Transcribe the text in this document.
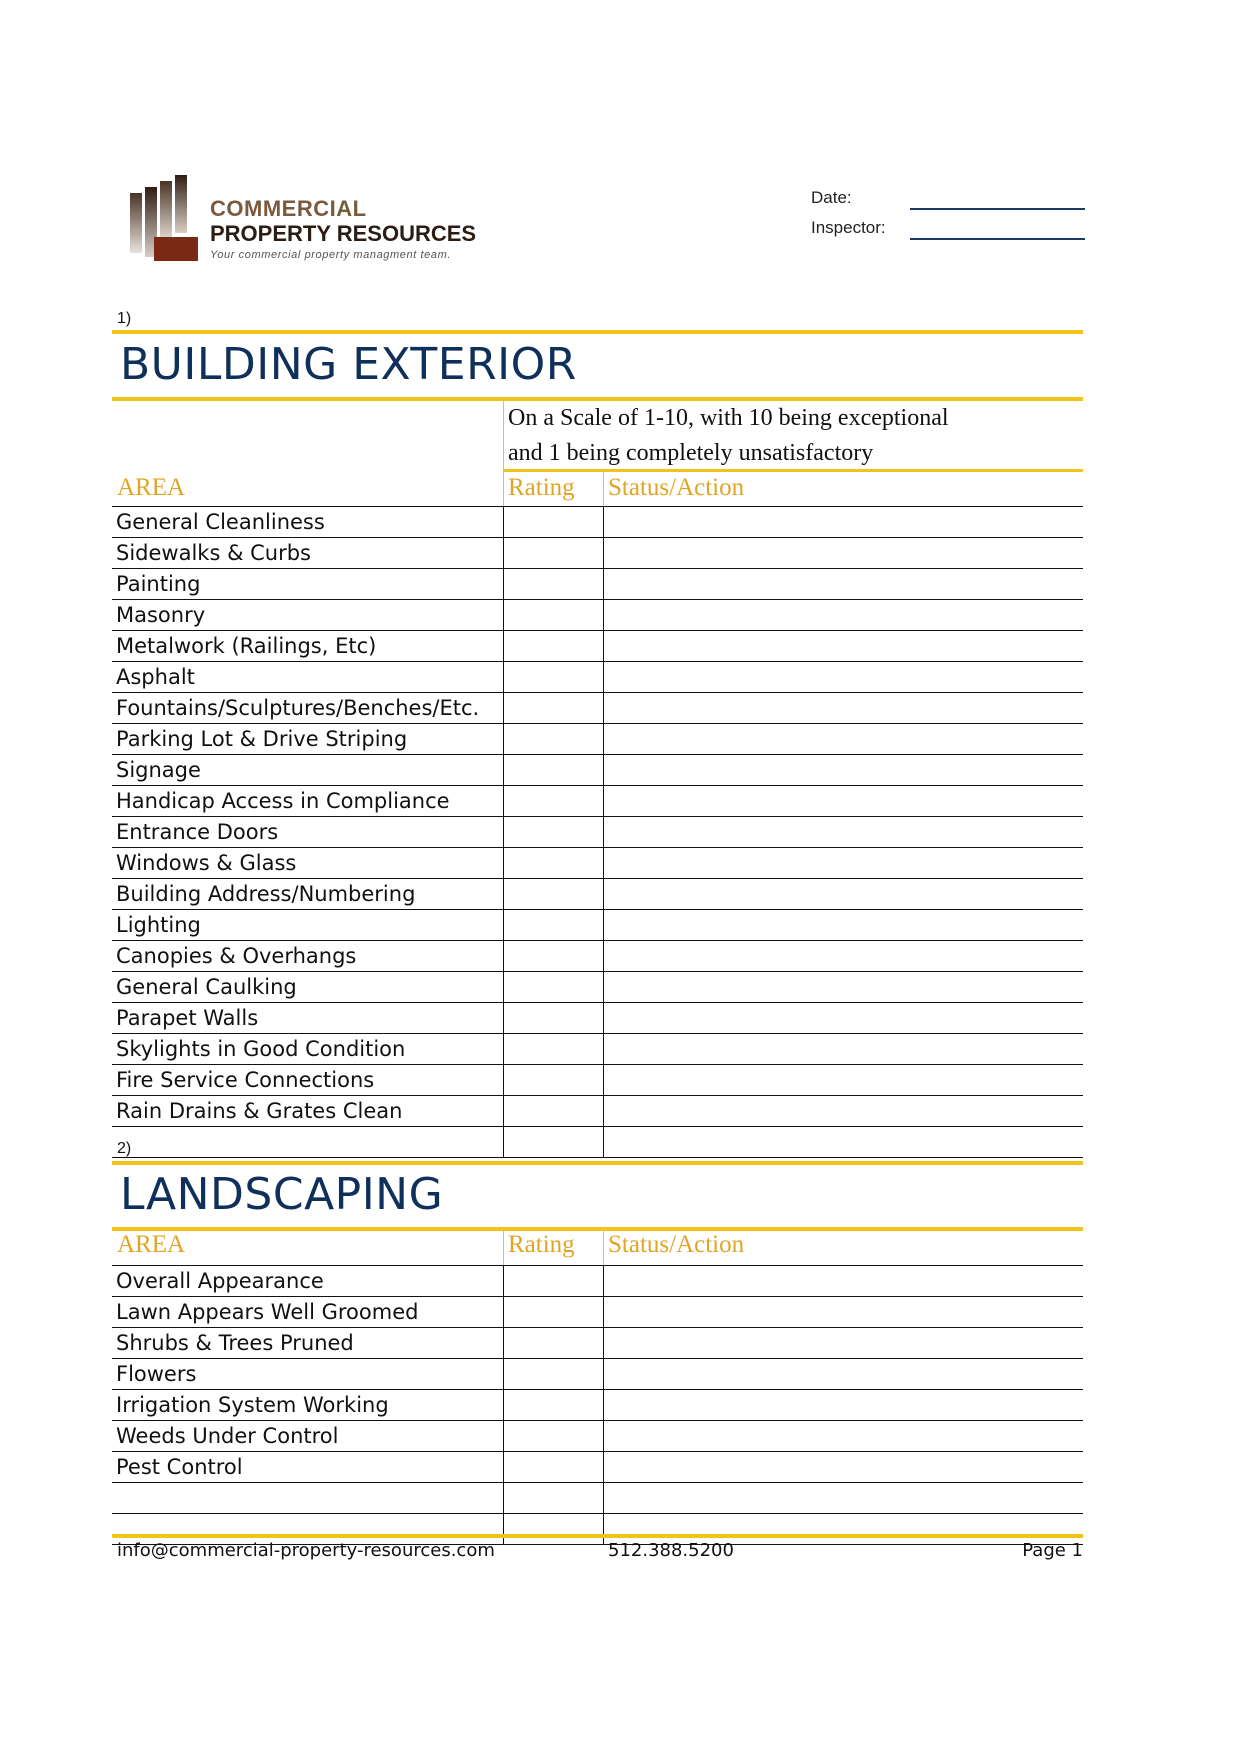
COMMERCIAL
PROPERTY RESOURCES
Your commercial property managment team.
Date:
Inspector:
1)
BUILDING EXTERIOR
On a Scale of 1-10, with 10 being exceptional
and 1 being completely unsatisfactory
AREA	Rating Status/Action
General Cleanliness
Sidewalks & Curbs
Painting
Masonry
Metalwork (Railings, Etc)
Asphalt
Fountains/Sculptures/Benches/Etc.
Parking Lot & Drive Striping
Signage
Handicap Access in Compliance
Entrance Doors
Windows & Glass
Building Address/Numbering
Lighting
Canopies & Overhangs
General Caulking
Parapet Walls
Skylights in Good Condition
Fire Service Connections
Rain Drains & Grates Clean
2)
LANDSCAPING
AREA	Rating Status/Action
Overall Appearance
Lawn Appears Well Groomed
Shrubs & Trees Pruned
Flowers
Irrigation System Working
Weeds Under Control
Pest Control
info@commercial-property-resources.com	512.388.5200	Page 1
